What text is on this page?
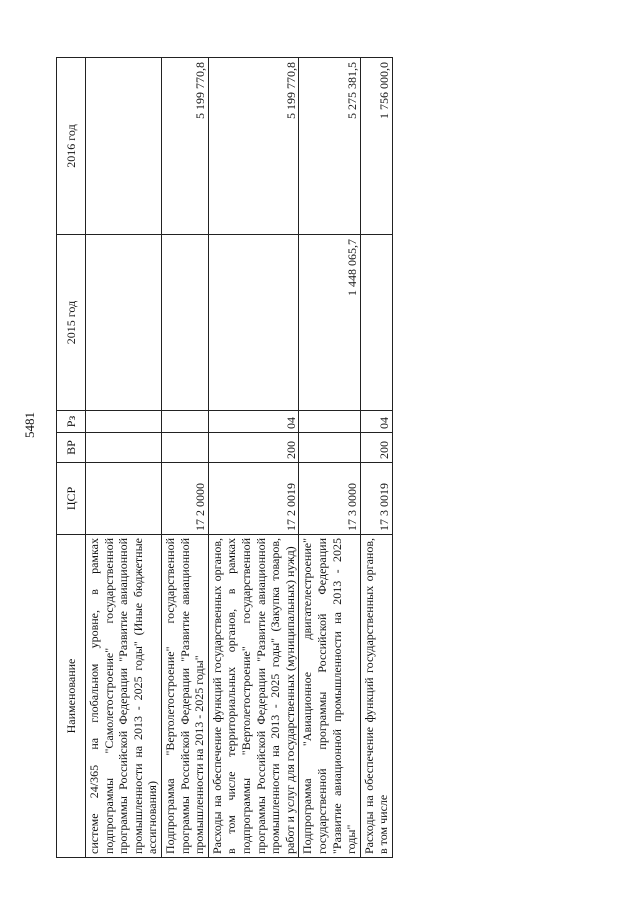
5481
Наименование	ЦСР	ВР	Рз	2015 год	2016 год
системе 24/365 на глобальном уровне, в рамках подпрограммы "Самолетостроение" государственной программы Российской Федерации "Развитие авиационной промышленности на 2013 - 2025 годы" (Иные бюджетные ассигнования)					
Подпрограмма "Вертолетостроение" государственной программы Российской Федерации "Развитие авиационной промышленности на 2013 - 2025 годы"	17 2 0000				5 199 770,8
Расходы на обеспечение функций государственных органов, в том числе территориальных органов, в рамках подпрограммы "Вертолетостроение" государственной программы Российской Федерации "Развитие авиационной промышленности на 2013 - 2025 годы" (Закупка товаров, работ и услуг для государственных (муниципальных) нужд)	17 2 0019	200	04		5 199 770,8
Подпрограмма "Авиационное двигателестроение" государственной программы Российской Федерации "Развитие авиационной промышленности на 2013 - 2025 годы"	17 3 0000			1 448 065,7	5 275 381,5
Расходы на обеспечение функций государственных органов, в том числе	17 3 0019	200	04		1 756 000,0
